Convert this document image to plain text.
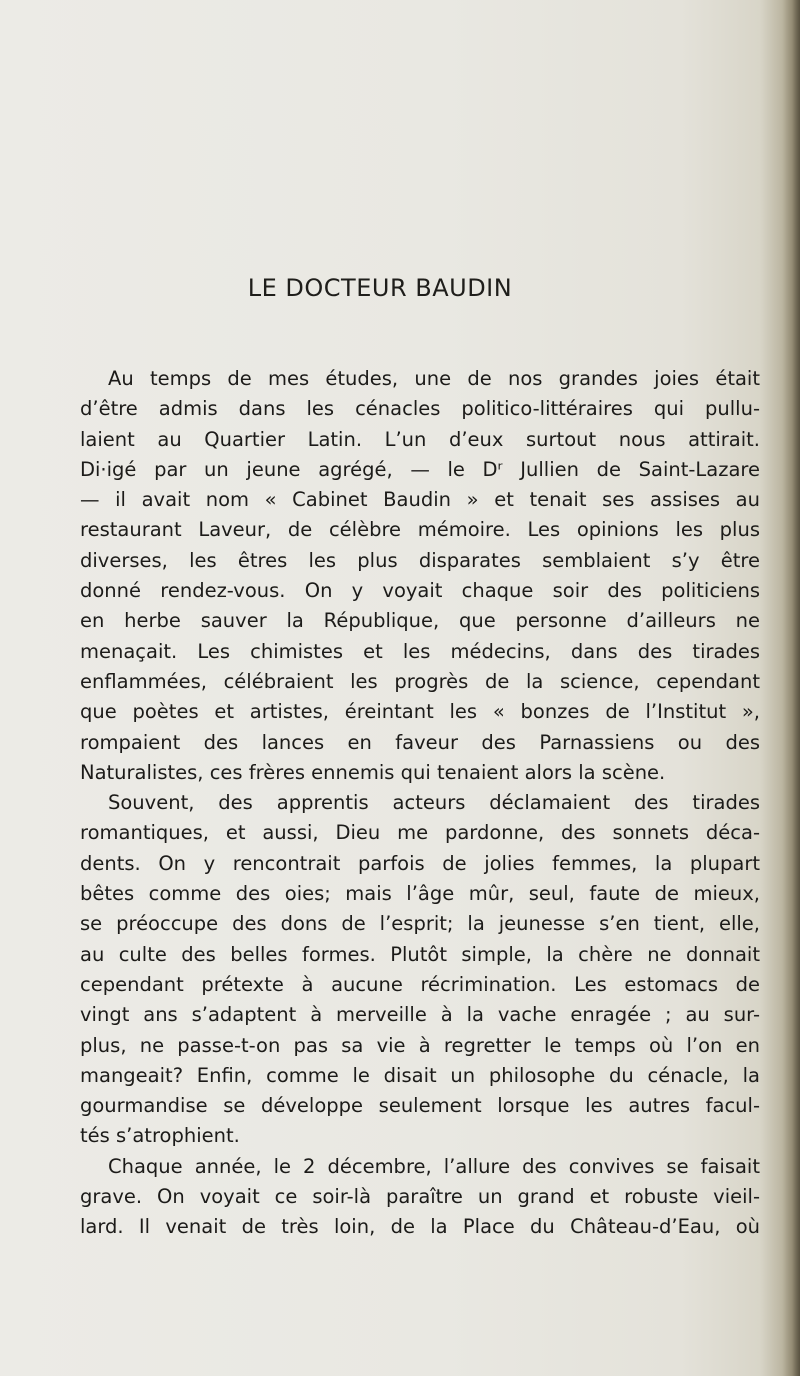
LE DOCTEUR BAUDIN
Au temps de mes études, une de nos grandes joies était
d’être admis dans les cénacles politico-littéraires qui pullu-
laient au Quartier Latin. L’un d’eux surtout nous attirait.
Di·igé par un jeune agrégé, — le Dʳ Jullien de Saint-Lazare
— il avait nom « Cabinet Baudin » et tenait ses assises au
restaurant Laveur, de célèbre mémoire. Les opinions les plus
diverses, les êtres les plus disparates semblaient s’y être
donné rendez-vous. On y voyait chaque soir des politiciens
en herbe sauver la République, que personne d’ailleurs ne
menaçait. Les chimistes et les médecins, dans des tirades
enflammées, célébraient les progrès de la science, cependant
que poètes et artistes, éreintant les « bonzes de l’Institut »,
rompaient des lances en faveur des Parnassiens ou des
Naturalistes, ces frères ennemis qui tenaient alors la scène.
Souvent, des apprentis acteurs déclamaient des tirades
romantiques, et aussi, Dieu me pardonne, des sonnets déca-
dents. On y rencontrait parfois de jolies femmes, la plupart
bêtes comme des oies; mais l’âge mûr, seul, faute de mieux,
se préoccupe des dons de l’esprit; la jeunesse s’en tient, elle,
au culte des belles formes. Plutôt simple, la chère ne donnait
cependant prétexte à aucune récrimination. Les estomacs de
vingt ans s’adaptent à merveille à la vache enragée ; au sur-
plus, ne passe-t-on pas sa vie à regretter le temps où l’on en
mangeait? Enfin, comme le disait un philosophe du cénacle, la
gourmandise se développe seulement lorsque les autres facul-
tés s’atrophient.
Chaque année, le 2 décembre, l’allure des convives se faisait
grave. On voyait ce soir-là paraître un grand et robuste vieil-
lard. Il venait de très loin, de la Place du Château-d’Eau, où
